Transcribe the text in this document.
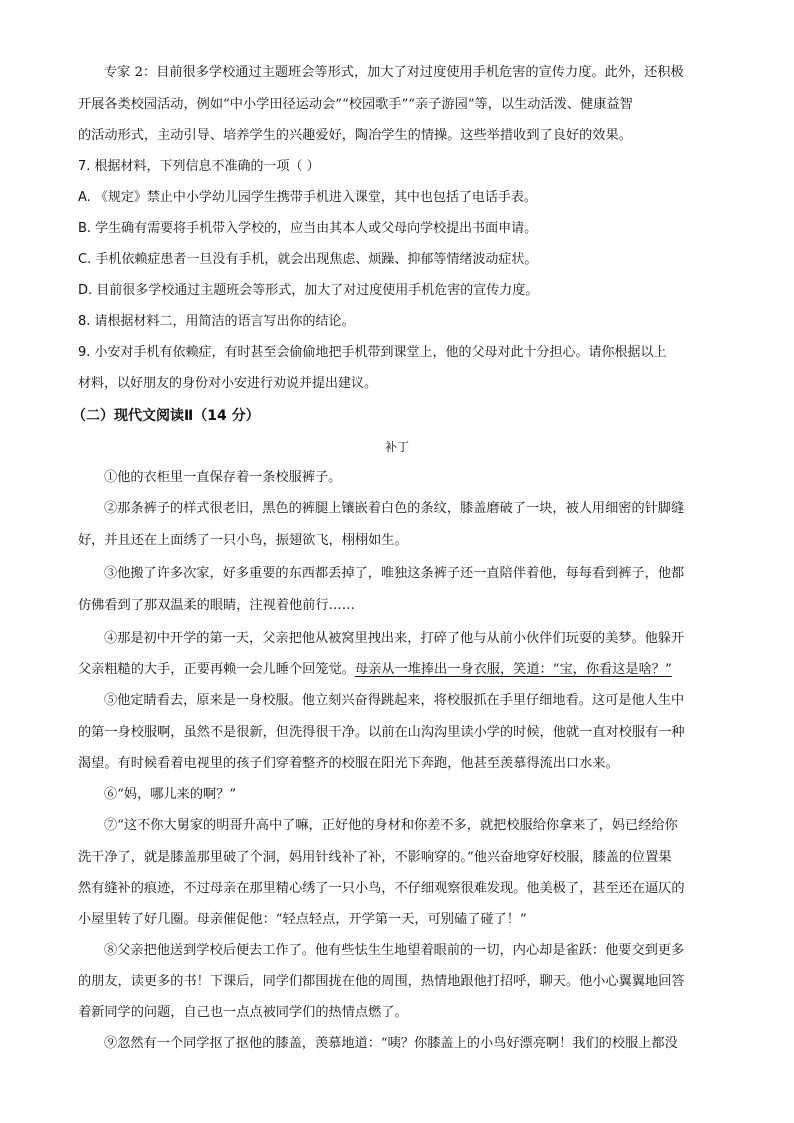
专家 2：目前很多学校通过主题班会等形式，加大了对过度使用手机危害的宣传力度。此外，还积极
开展各类校园活动，例如“中小学田径运动会”“校园歌手”“亲子游园”等，以生动活泼、健康益智
的活动形式，主动引导、培养学生的兴趣爱好，陶冶学生的情操。这些举措收到了良好的效果。
7. 根据材料，下列信息不准确的一项（ ）
A. 《规定》禁止中小学幼儿园学生携带手机进入课堂，其中也包括了电话手表。
B. 学生确有需要将手机带入学校的，应当由其本人或父母向学校提出书面申请。
C. 手机依赖症患者一旦没有手机，就会出现焦虑、烦躁、抑郁等情绪波动症状。
D. 目前很多学校通过主题班会等形式，加大了对过度使用手机危害的宣传力度。
8. 请根据材料二，用简洁的语言写出你的结论。
9. 小安对手机有依赖症，有时甚至会偷偷地把手机带到课堂上，他的父母对此十分担心。请你根据以上
材料，以好朋友的身份对小安进行劝说并提出建议。
（二）现代文阅读Ⅱ（14 分）
补丁
①他的衣柜里一直保存着一条校服裤子。
②那条裤子的样式很老旧，黑色的裤腿上镶嵌着白色的条纹，膝盖磨破了一块，被人用细密的针脚缝
好，并且还在上面绣了一只小鸟，振翅欲飞，栩栩如生。
③他搬了许多次家，好多重要的东西都丢掉了，唯独这条裤子还一直陪伴着他，每每看到裤子，他都
仿佛看到了那双温柔的眼睛，注视着他前行……
④那是初中开学的第一天，父亲把他从被窝里拽出来，打碎了他与从前小伙伴们玩耍的美梦。他躲开
父亲粗糙的大手，正要再赖一会儿睡个回笼觉。母亲从一堆捧出一身衣服，笑道：“宝，你看这是啥？”
⑤他定睛看去，原来是一身校服。他立刻兴奋得跳起来，将校服抓在手里仔细地看。这可是他人生中
的第一身校服啊，虽然不是很新，但洗得很干净。以前在山沟沟里读小学的时候，他就一直对校服有一种
渴望。有时候看着电视里的孩子们穿着整齐的校服在阳光下奔跑，他甚至羡慕得流出口水来。
⑥“妈，哪儿来的啊？”
⑦“这不你大舅家的明哥升高中了嘛，正好他的身材和你差不多，就把校服给你拿来了，妈已经给你
洗干净了，就是膝盖那里破了个洞，妈用针线补了补，不影响穿的。”他兴奋地穿好校服，膝盖的位置果
然有缝补的痕迹，不过母亲在那里精心绣了一只小鸟，不仔细观察很难发现。他美极了，甚至还在逼仄的
小屋里转了好几圈。母亲催促他：“轻点轻点，开学第一天，可别磕了碰了！”
⑧父亲把他送到学校后便去工作了。他有些怯生生地望着眼前的一切，内心却是雀跃：他要交到更多
的朋友，读更多的书！下课后，同学们都围拢在他的周围，热情地跟他打招呼，聊天。他小心翼翼地回答
着新同学的问题，自己也一点点被同学们的热情点燃了。
⑨忽然有一个同学抠了抠他的膝盖，羡慕地道：“咦？你膝盖上的小鸟好漂亮啊！我们的校服上都没
